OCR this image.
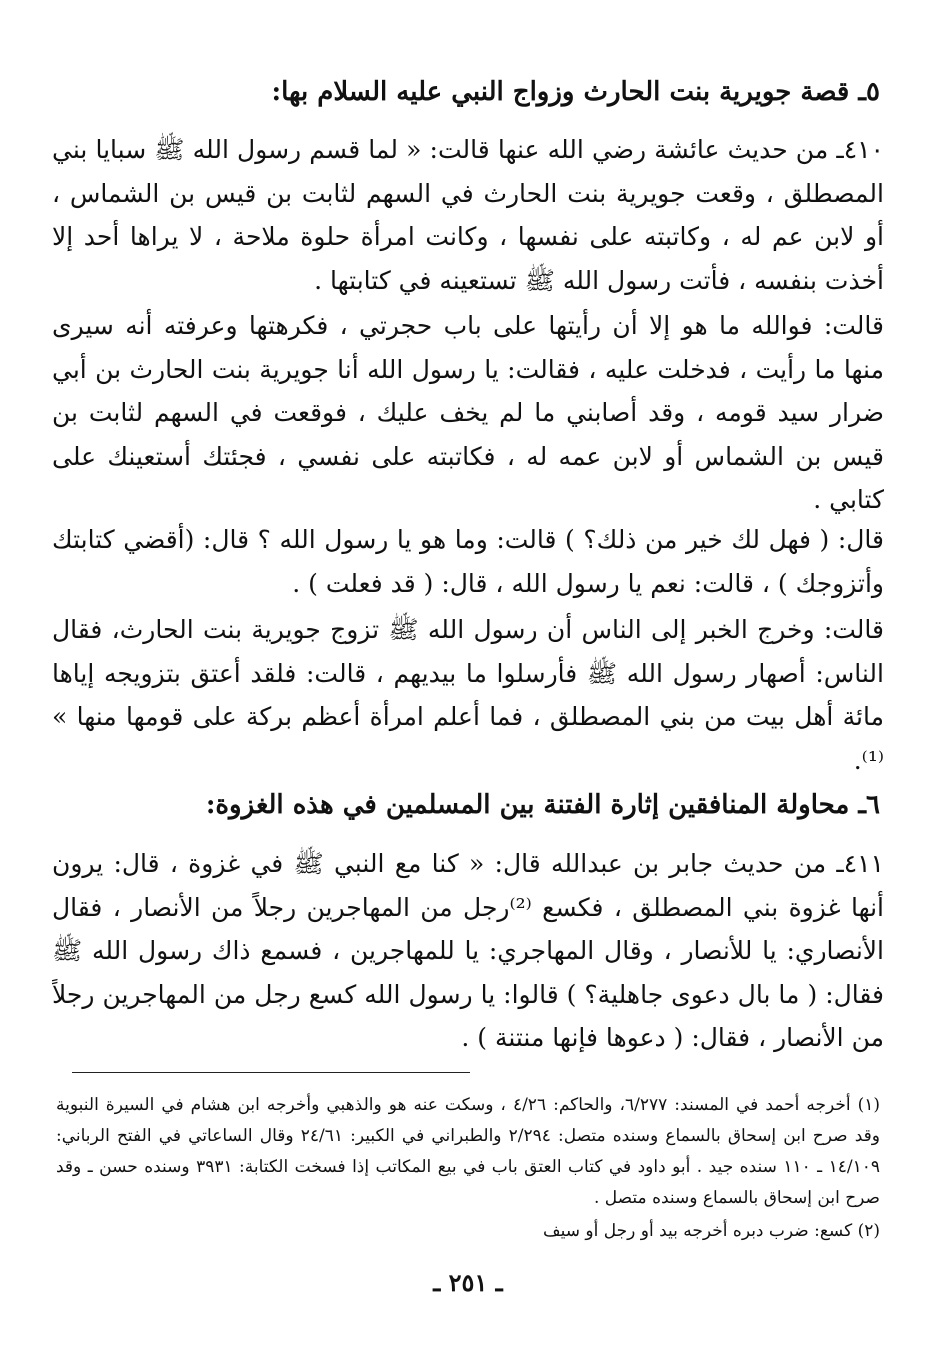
٥ـ قصة جويرية بنت الحارث وزواج النبي عليه السلام بها:
٤١٠ـ من حديث عائشة رضي الله عنها قالت: « لما قسم رسول الله ﷺ سبايا بني المصطلق ، وقعت جويرية بنت الحارث في السهم لثابت بن قيس بن الشماس ، أو لابن عم له ، وكاتبته على نفسها ، وكانت امرأة حلوة ملاحة ، لا يراها أحد إلا أخذت بنفسه ، فأتت رسول الله ﷺ تستعينه في كتابتها .
قالت: فوالله ما هو إلا أن رأيتها على باب حجرتي ، فكرهتها وعرفته أنه سيرى منها ما رأيت ، فدخلت عليه ، فقالت: يا رسول الله أنا جويرية بنت الحارث بن أبي ضرار سيد قومه ، وقد أصابني ما لم يخف عليك ، فوقعت في السهم لثابت بن قيس بن الشماس أو لابن عمه له ، فكاتبته على نفسي ، فجئتك أستعينك على كتابي .
قال: ( فهل لك خير من ذلك؟ ) قالت: وما هو يا رسول الله ؟ قال: (أقضي كتابتك وأتزوجك ) ، قالت: نعم يا رسول الله ، قال: ( قد فعلت ) .
قالت: وخرج الخبر إلى الناس أن رسول الله ﷺ تزوج جويرية بنت الحارث، فقال الناس: أصهار رسول الله ﷺ فأرسلوا ما بيديهم ، قالت: فلقد أعتق بتزويجه إياها مائة أهل بيت من بني المصطلق ، فما أعلم امرأة أعظم بركة على قومها منها » ⁽¹⁾.
٦ـ محاولة المنافقين إثارة الفتنة بين المسلمين في هذه الغزوة:
٤١١ـ من حديث جابر بن عبدالله قال: « كنا مع النبي ﷺ في غزوة ، قال: يرون أنها غزوة بني المصطلق ، فكسع ⁽²⁾رجل من المهاجرين رجلاً من الأنصار ، فقال الأنصاري: يا للأنصار ، وقال المهاجري: يا للمهاجرين ، فسمع ذاك رسول الله ﷺ فقال: ( ما بال دعوى جاهلية؟ ) قالوا: يا رسول الله كسع رجل من المهاجرين رجلاً من الأنصار ، فقال: ( دعوها فإنها منتنة ) .
(١) أخرجه أحمد في المسند: ٦/٢٧٧، والحاكم: ٤/٢٦ ، وسكت عنه هو والذهبي وأخرجه ابن هشام في السيرة النبوية وقد صرح ابن إسحاق بالسماع وسنده متصل: ٢/٢٩٤ والطبراني في الكبير: ٢٤/٦١ وقال الساعاتي في الفتح الرباني: ١٤/١٠٩ ـ ١١٠ سنده جيد . أبو داود في كتاب العتق باب في بيع المكاتب إذا فسخت الكتابة: ٣٩٣١ وسنده حسن ـ وقد صرح ابن إسحاق بالسماع وسنده متصل .
(٢) كسع: ضرب دبره أخرجه بيد أو رجل أو سيف
ـ ٢٥١ ـ
